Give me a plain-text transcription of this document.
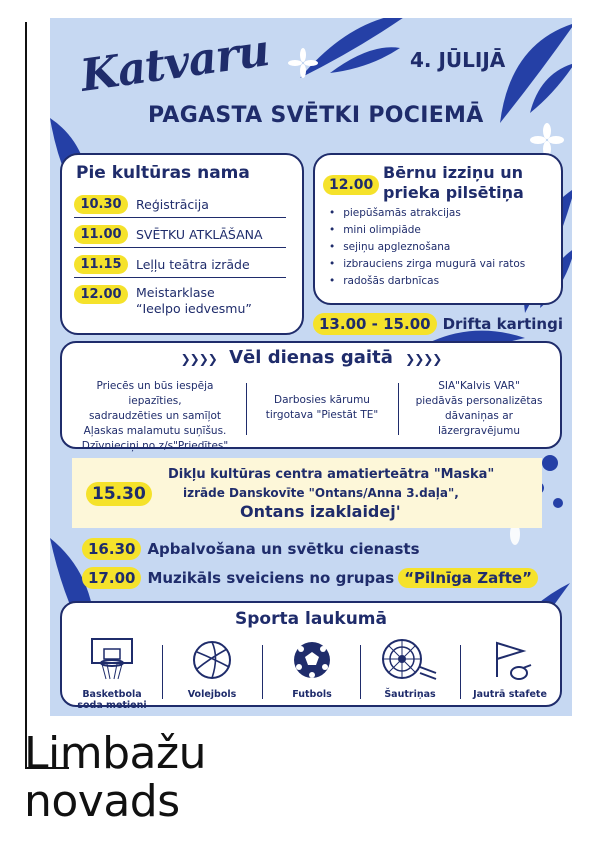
Katvaru	4. JŪLIJĀ
PAGASTA SVĒTKI POCIEMĀ
Pie kultūras nama
10.30	Reģistrācija
11.00	SVĒTKU ATKLĀŠANA
11.15	Leļļu teātra izrāde
12.00	Meistarklase
“Ieelpo iedvesmu”
12.00
Bērnu izziņu un
prieka pilsētiņa
• piepūšamās atrakcijas
• mini olimpiāde
• sejiņu apgleznošana
• izbrauciens zirga mugurā vai ratos
• radošās darbnīcas
13.00 - 15.00 Drifta kartingi
❯❯❯❯ Vēl dienas gaitā ❯❯❯❯
Priecēs un būs iespēja iepazīties,
sadraudzēties un samīļot
Aļaskas malamutu suņīšus.
Dzīvnieciņi no z/s"Priedītes"
Darbosies kārumu
tirgotava "Piestāt TE"
SIA"Kalvis VAR"
piedāvās personalizētas
dāvaniņas ar
lāzergravējumu
15.30
Dikļu kultūras centra amatierteātra "Maska"
izrāde Danskovīte "Ontans/Anna 3.daļa",
Ontans izaklaidej'
16.30 Apbalvošana un svētku cienasts
17.00 Muzikāls sveiciens no grupas “Pilnīga Zafte”
Sporta laukumā
Basketbola
soda metieni
Volejbols	Futbols	Šautriņas	Jautrā stafete
Limbažu
novads
